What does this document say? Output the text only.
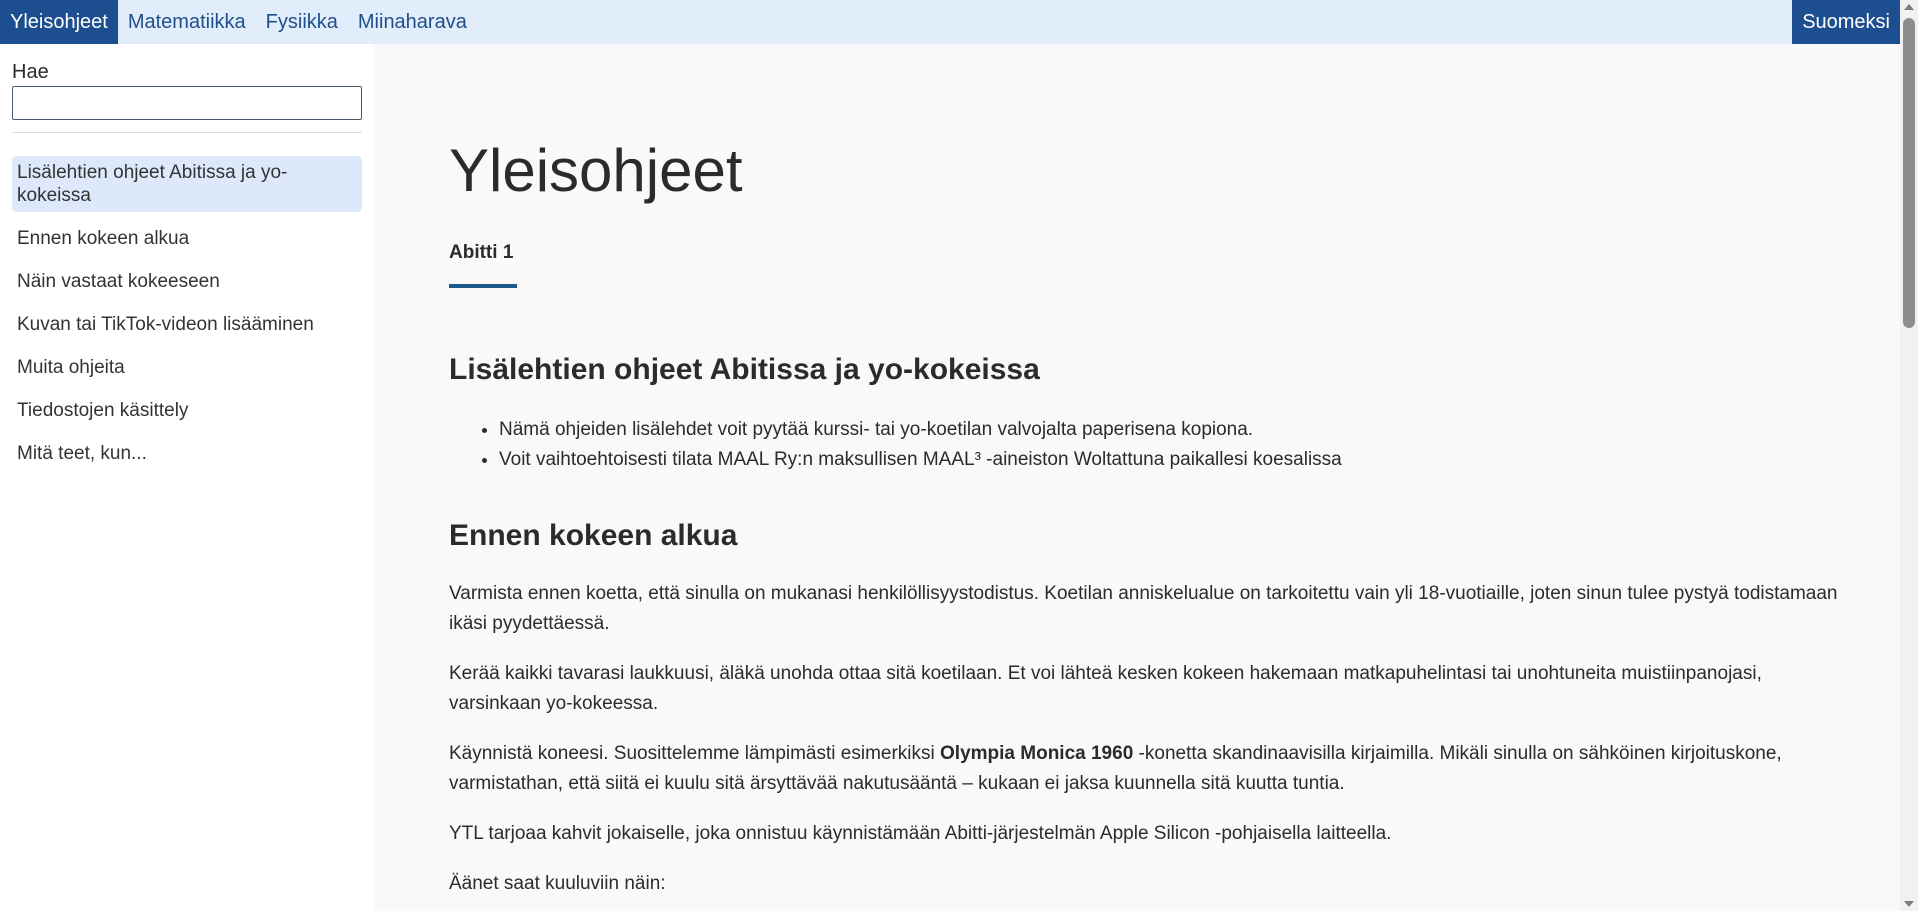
Yleisohjeet	Matematiikka	Fysiikka	Miinaharava	Suomeksi
Hae
Lisälehtien ohjeet Abitissa ja yo-kokeissa
Ennen kokeen alkua
Näin vastaat kokeeseen
Kuvan tai TikTok-videon lisääminen
Muita ohjeita
Tiedostojen käsittely
Mitä teet, kun...
Yleisohjeet
Abitti 1
Lisälehtien ohjeet Abitissa ja yo-kokeissa
• Nämä ohjeiden lisälehdet voit pyytää kurssi- tai yo-koetilan valvojalta paperisena kopiona.
• Voit vaihtoehtoisesti tilata MAAL Ry:n maksullisen MAAL³ -aineiston Woltattuna paikallesi koesalissa
Ennen kokeen alkua

Varmista ennen koetta, että sinulla on mukanasi henkilöllisyystodistus. Koetilan anniskelualue on tarkoitettu vain yli 18-vuotiaille, joten sinun tulee pystyä todistamaan ikäsi pyydettäessä.

Kerää kaikki tavarasi laukkuusi, äläkä unohda ottaa sitä koetilaan. Et voi lähteä kesken kokeen hakemaan matkapuhelintasi tai unohtuneita muistiinpanojasi, varsinkaan yo-kokeessa.

Käynnistä koneesi. Suosittelemme lämpimästi esimerkiksi Olympia Monica 1960 -konetta skandinaavisilla kirjaimilla. Mikäli sinulla on sähköinen kirjoituskone, varmistathan, että siitä ei kuulu sitä ärsyttävää nakutusääntä – kukaan ei jaksa kuunnella sitä kuutta tuntia.

YTL tarjoaa kahvit jokaiselle, joka onnistuu käynnistämään Abitti-järjestelmän Apple Silicon -pohjaisella laitteella.

Äänet saat kuuluviin näin:
